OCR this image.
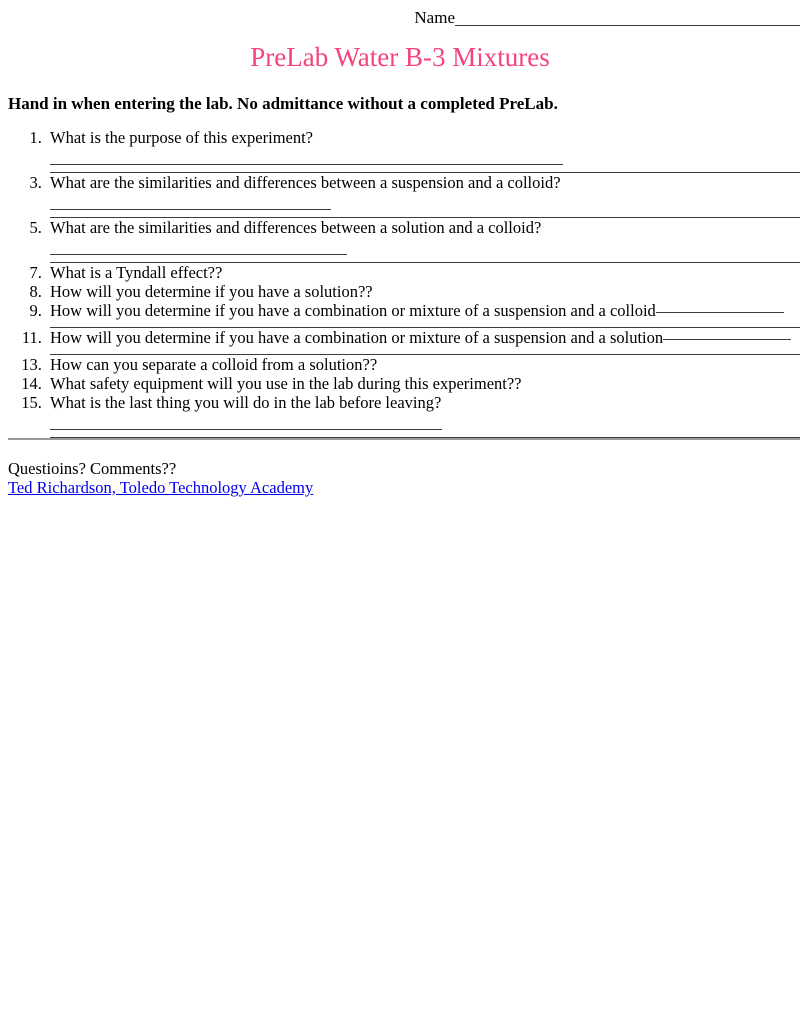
Name
PreLab Water B-3 Mixtures

Hand in when entering the lab. No admittance without a completed PreLab.

1. What is the purpose of this experiment?
3. What are the similarities and differences between a suspension and a colloid?
5. What are the similarities and differences between a solution and a colloid?
7. What is a Tyndall effect??
8. How will you determine if you have a solution??
9. How will you determine if you have a combination or mixture of a suspension and a colloid
11. How will you determine if you have a combination or mixture of a suspension and a solution
13. How can you separate a colloid from a solution??
14. What safety equipment will you use in the lab during this experiment??
15. What is the last thing you will do in the lab before leaving?

Questioins? Comments??

Ted Richardson, Toledo Technology Academy
